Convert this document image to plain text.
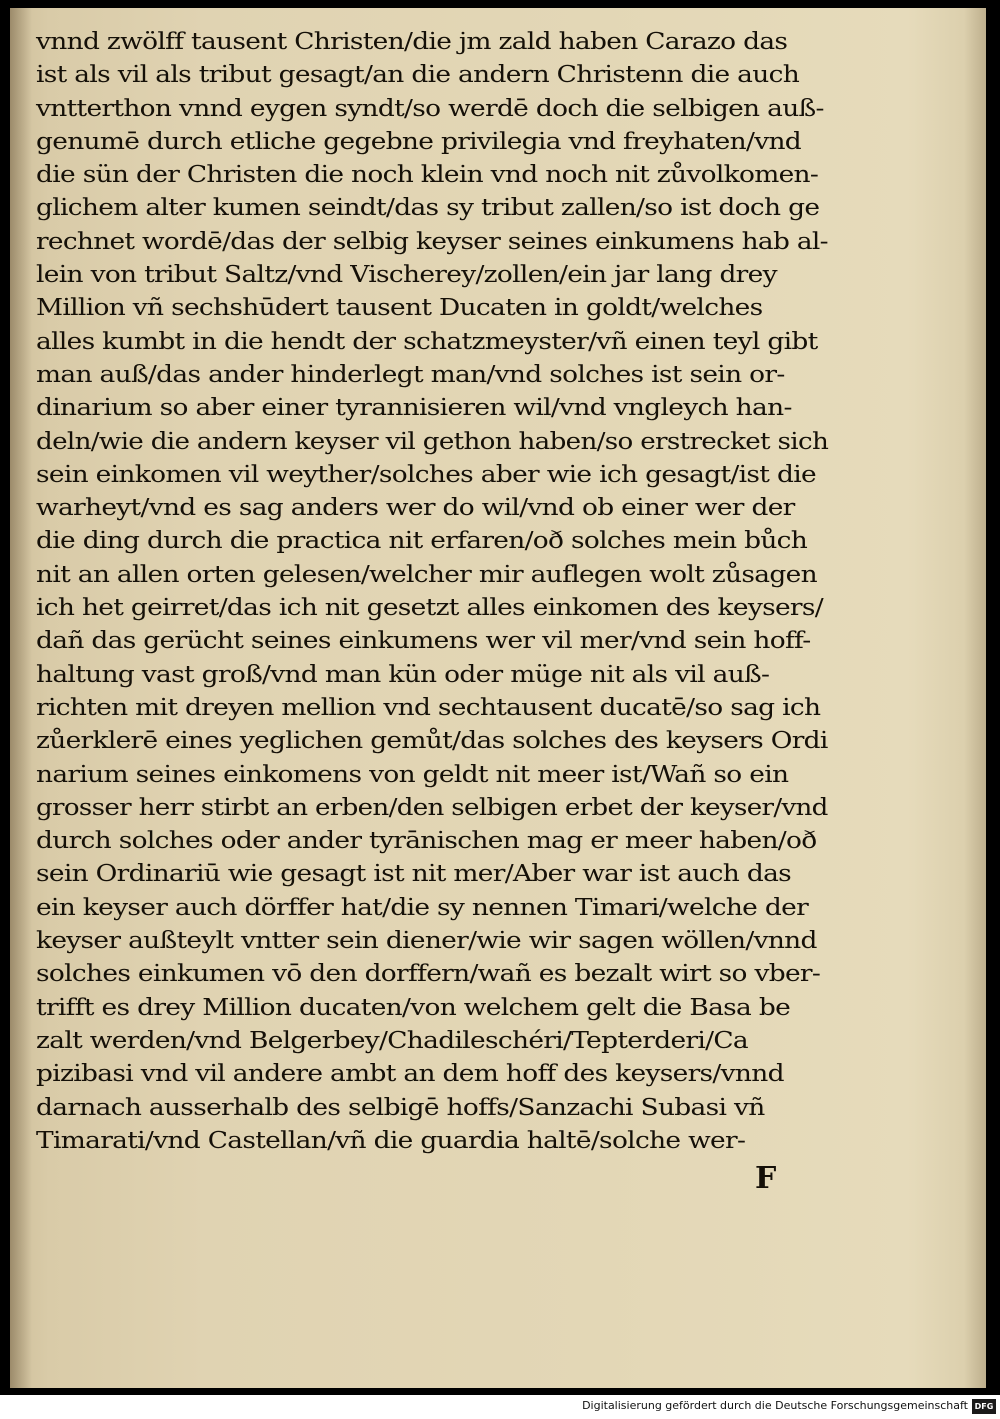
vnnd zwölff tausent Christen/die jm zald haben Carazo das
ist als vil als tribut gesagt/an die andern Christenn die auch
vntterthon vnnd eygen syndt/so werdē doch die selbigen auß-
genumē durch etliche gegebne privilegia vnd freyhaten/vnd
die sün der Christen die noch klein vnd noch nit zůvolkomen-
glichem alter kumen seindt/das sy tribut zallen/so ist doch ge
rechnet wordē/das der selbig keyser seines einkumens hab al-
lein von tribut Saltz/vnd Vischerey/zollen/ein jar lang drey
Million vñ sechshūdert tausent Ducaten in goldt/welches
alles kumbt in die hendt der schatzmeyster/vñ einen teyl gibt
man auß/das ander hinderlegt man/vnd solches ist sein or-
dinarium so aber einer tyrannisieren wil/vnd vngleych han-
deln/wie die andern keyser vil gethon haben/so erstrecket sich
sein einkomen vil weyther/solches aber wie ich gesagt/ist die
warheyt/vnd es sag anders wer do wil/vnd ob einer wer der
die ding durch die practica nit erfaren/oð solches mein bůch
nit an allen orten gelesen/welcher mir auflegen wolt zůsagen
ich het geirret/das ich nit gesetzt alles einkomen des keysers/
dañ das gerücht seines einkumens wer vil mer/vnd sein hoff-
haltung vast groß/vnd man kün oder müge nit als vil auß-
richten mit dreyen mellion vnd sechtausent ducatē/so sag ich
zůerklerē eines yeglichen gemůt/das solches des keysers Ordi
narium seines einkomens von geldt nit meer ist/Wañ so ein
grosser herr stirbt an erben/den selbigen erbet der keyser/vnd
durch solches oder ander tyrānischen mag er meer haben/oð
sein Ordinariū wie gesagt ist nit mer/Aber war ist auch das
ein keyser auch dörffer hat/die sy nennen Timari/welche der
keyser außteylt vntter sein diener/wie wir sagen wöllen/vnnd
solches einkumen vō den dorffern/wañ es bezalt wirt so vber-
trifft es drey Million ducaten/von welchem gelt die Basa be
zalt werden/vnd Belgerbey/Chadileschéri/Tepterderi/Ca
pizibasi vnd vil andere ambt an dem hoff des keysers/vnnd
darnach ausserhalb des selbigē hoffs/Sanzachi Subasi vñ
Timarati/vnd Castellan/vñ die guardia haltē/solche wer-
F
Digitalisierung gefördert durch die Deutsche Forschungsgemeinschaft DFG
